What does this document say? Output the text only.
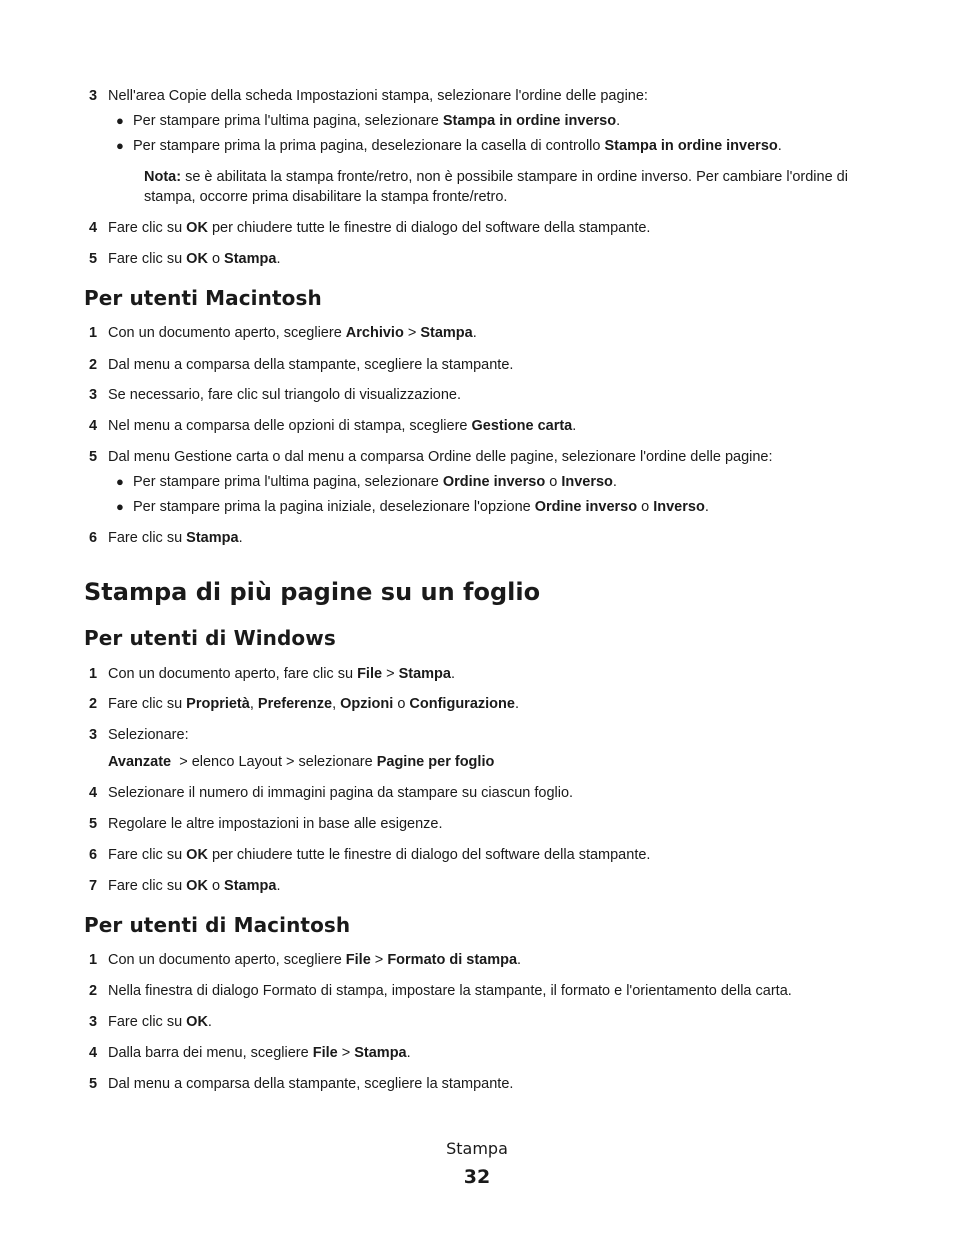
3 Nell'area Copie della scheda Impostazioni stampa, selezionare l'ordine delle pagine:
● Per stampare prima l'ultima pagina, selezionare Stampa in ordine inverso.
● Per stampare prima la prima pagina, deselezionare la casella di controllo Stampa in ordine inverso.
Nota: se è abilitata la stampa fronte/retro, non è possibile stampare in ordine inverso. Per cambiare l'ordine di stampa, occorre prima disabilitare la stampa fronte/retro.
4 Fare clic su OK per chiudere tutte le finestre di dialogo del software della stampante.
5 Fare clic su OK o Stampa.
Per utenti Macintosh
1 Con un documento aperto, scegliere Archivio > Stampa.
2 Dal menu a comparsa della stampante, scegliere la stampante.
3 Se necessario, fare clic sul triangolo di visualizzazione.
4 Nel menu a comparsa delle opzioni di stampa, scegliere Gestione carta.
5 Dal menu Gestione carta o dal menu a comparsa Ordine delle pagine, selezionare l'ordine delle pagine:
● Per stampare prima l'ultima pagina, selezionare Ordine inverso o Inverso.
● Per stampare prima la pagina iniziale, deselezionare l'opzione Ordine inverso o Inverso.
6 Fare clic su Stampa.
Stampa di più pagine su un foglio
Per utenti di Windows
1 Con un documento aperto, fare clic su File > Stampa.
2 Fare clic su Proprietà, Preferenze, Opzioni o Configurazione.
3 Selezionare:
Avanzate  > elenco Layout > selezionare Pagine per foglio
4 Selezionare il numero di immagini pagina da stampare su ciascun foglio.
5 Regolare le altre impostazioni in base alle esigenze.
6 Fare clic su OK per chiudere tutte le finestre di dialogo del software della stampante.
7 Fare clic su OK o Stampa.
Per utenti di Macintosh
1 Con un documento aperto, scegliere File > Formato di stampa.
2 Nella finestra di dialogo Formato di stampa, impostare la stampante, il formato e l'orientamento della carta.
3 Fare clic su OK.
4 Dalla barra dei menu, scegliere File > Stampa.
5 Dal menu a comparsa della stampante, scegliere la stampante.
Stampa
32
